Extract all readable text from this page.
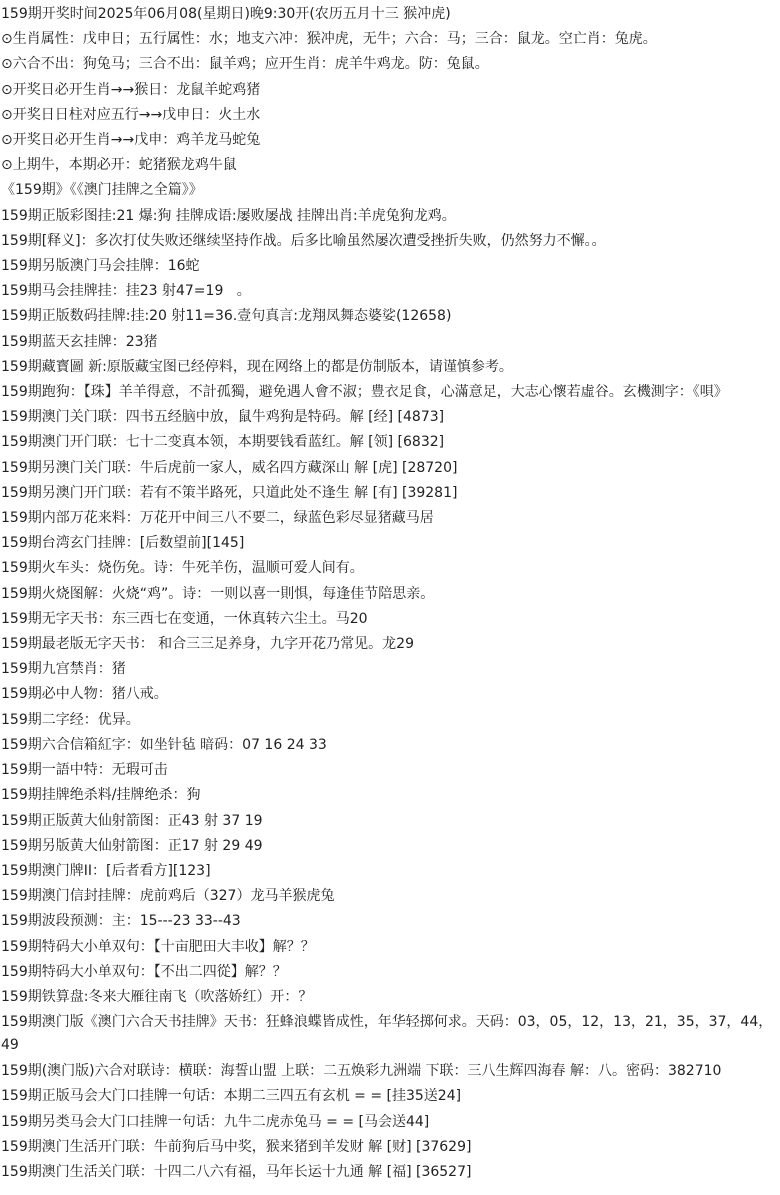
159期开奖时间2025年06月08(星期日)晚9:30开(农历五月十三 猴冲虎)
⊙生肖属性：戊申日；五行属性：水；地支六冲：猴冲虎，无牛；六合：马；三合：鼠龙。空亡肖：兔虎。
⊙六合不出：狗兔马；三合不出：鼠羊鸡；应开生肖：虎羊牛鸡龙。防：兔鼠。
⊙开奖日必开生肖→→猴日：龙鼠羊蛇鸡猪
⊙开奖日日柱对应五行→→戊申日：火土水
⊙开奖日必开生肖→→戊申：鸡羊龙马蛇兔
⊙上期牛，本期必开：蛇猪猴龙鸡牛鼠
《159期》《《澳门挂牌之全篇》》
159期正版彩图挂:21 爆:狗 挂牌成语:屡败屡战 挂牌出肖:羊虎兔狗龙鸡。
159期[释义]：多次打仗失败还继续坚持作战。后多比喻虽然屡次遭受挫折失败，仍然努力不懈。。
159期另版澳门马会挂牌：16蛇
159期马会挂牌挂：挂23 射47=19   。
159期正版数码挂牌:挂:20 射11=36.壹句真言:龙翔凤舞态婆娑(12658)
159期蓝天玄挂牌：23猪
159期藏寳圖 新:原版藏宝图已经停料，现在网络上的都是仿制版本，请谨慎参考。
159期跑狗：【珠】羊羊得意，不計孤獨，避免遇人會不淑；豊衣足食，心滿意足，大志心懷若虛谷。玄機測字：《唄》
159期澳门关门联：四书五经脑中放，鼠牛鸡狗是特码。解 [经] [4873]
159期澳门开门联：七十二变真本领，本期要钱看蓝红。解 [领] [6832]
159期另澳门关门联：牛后虎前一家人，威名四方藏深山 解 [虎] [28720]
159期另澳门开门联：若有不策半路死，只道此处不逢生 解 [有] [39281]
159期内部万花来料：万花开中间三八不要二，绿蓝色彩尽显猪藏马居
159期台湾玄门挂牌：[后数望前][145]
159期火车头：烧伤免。诗：牛死羊伤，温顺可爱人间有。
159期火烧图解：火烧“鸡”。诗：一则以喜一則惧，每逢佳节陪思亲。
159期无字天书：东三西七在变通，一休真转六尘土。马20
159期最老版无字天书： 和合三三足养身，九字开花乃常见。龙29
159期九宫禁肖：猪
159期必中人物：猪八戒。
159期二字经：优异。
159期六合信箱紅字：如坐针毡 暗码：07 16 24 33
159期一語中特：无瑕可击
159期挂牌绝杀料/挂牌绝杀：狗
159期正版黄大仙射箭图：正43 射 37 19
159期另版黄大仙射箭图：正17 射 29 49
159期澳门牌II：[后者看方][123]
159期澳门信封挂牌：虎前鸡后（327）龙马羊猴虎兔
159期波段预测：主：15---23 33--43
159期特码大小单双句：【十亩肥田大丰收】解？？
159期特码大小单双句：【不出二四從】解？？
159期铁算盘:冬来大雁往南飞（吹落娇红）开：？
159期澳门版《澳门六合天书挂牌》天书：狂蜂浪蝶皆成性，年华轻掷何求。天码：03，05，12，13，21，35，37，44，49
159期(澳门版)六合对联诗：横联：海誓山盟 上联：二五焕彩九洲端 下联：三八生辉四海春 解：八。密码：382710
159期正版马会大门口挂牌一句话：本期二三四五有玄机 = = [挂35送24]
159期另类马会大门口挂牌一句话：九牛二虎赤兔马 = = [马会送44]
159期澳门生活开门联：牛前狗后马中奖，猴来猪到羊发财 解 [财] [37629]
159期澳门生活关门联：十四二八六有福，马年长运十九通 解 [福] [36527]
